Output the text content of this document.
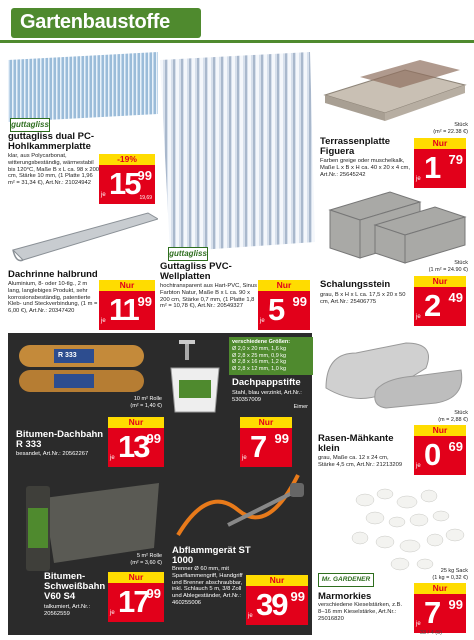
Gartenbaustoffe
guttagliss
guttagliss dual PC-Hohlkammerplatte
klar, aus Polycarbonat, witterungsbeständig, wärmestabil bis 120°C, Maße B x L ca. 98 x 200 cm, Stärke 10 mm, (1 Platte 1,96 m² = 31,34 €), Art.Nr.: 21024942
-19%
je 15
99
19,69
Dachrinne halbrund
Aluminium, 8- oder 10-tlg., 2 m lang, langlebiges Produkt, sehr korrosionsbeständig, patentierte Kleb- und Steckverbindung, (1 m = 6,00 €), Art.Nr.: 20347420
Nur
je 11 99
guttagliss
Guttagliss PVC-Wellplatten
hochtransparent aus Hart-PVC, Sinus Farbton Natur, Maße B x L ca. 90 x 200 cm, Stärke 0,7 mm, (1 Platte 1,8 m² = 10,78 €), Art.Nr.: 20549327
Nur
je 5 99
Stück
(m² = 22.38 €)
Terrassenplatte Figuera
Farben greige oder muschelkalk, Maße L x B x H ca. 40 x 20 x 4 cm, Art.Nr.: 25645242
Nur
je 1 79
Stück
(1 m² = 24.90 €)
Schalungsstein
grau, B x H x L ca. 17,5 x 20 x 50 cm, Art.Nr.: 25406775
Nur
je 2 49
R 333
10 m² Rolle
(m² = 1,40 €)
Bitumen-Dachbahn R 333
besandet, Art.Nr.: 20562267
Nur
je 13
99
verschiedene Größen:
Ø 2,0 x 20 mm, 1,6 kg
Ø 2,8 x 25 mm, 0,9 kg
Ø 2,8 x 16 mm, 1,2 kg
Ø 2,8 x 12 mm, 1,0 kg
Dachpappstifte
Stahl, blau verzinkt, Art.Nr.: 530357009
Eimer
Nur
je 7 99
5 m² Rolle
(m² = 3,60 €)
Bitumen-Schweißbahn V60 S4
talkumiert, Art.Nr.: 20562559
Nur
je 17
99
Abflammgerät ST 1000
Brenner Ø 60 mm, mit Sparflammengriff, Handgriff und Brenner abschraubbar, inkl. Schlauch 5 m, 3/8 Zoll und Ablegeständer, Art.Nr.: 460255006
Nur
je 39 99
Stück
(m = 2,88 €)
Rasen-Mähkante klein
grau, Maße ca. 12 x 24 cm, Stärke 4,5 cm, Art.Nr.: 21213209
Nur
je 0 69
25 kg Sack
(1 kg = 0,32 €)
Mr. GARDENER
Marmorkies
verschiedene Kieselstärken, z.B. 8–16 mm Kieselstärke, Art.Nr.: 25016820
Nur
je 7 99
33 / 4 (5)
